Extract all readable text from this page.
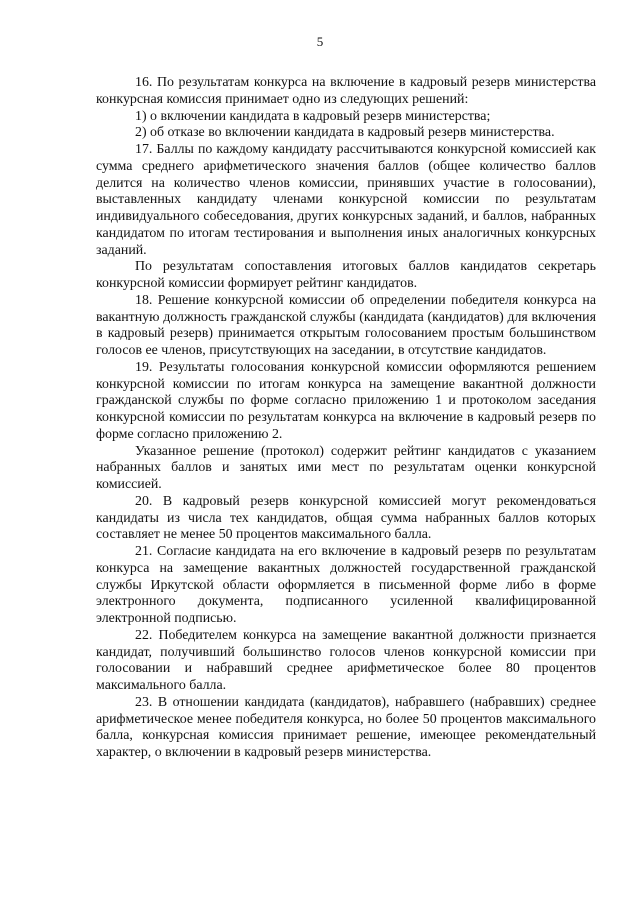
5

16. По результатам конкурса на включение в кадровый резерв министерства конкурсная комиссия принимает одно из следующих решений:

1) о включении кандидата в кадровый резерв министерства;

2) об отказе во включении кандидата в кадровый резерв министерства.

17. Баллы по каждому кандидату рассчитываются конкурсной комиссией как сумма среднего арифметического значения баллов (общее количество баллов делится на количество членов комиссии, принявших участие в голосовании), выставленных кандидату членами конкурсной комиссии по результатам индивидуального собеседования, других конкурсных заданий, и баллов, набранных кандидатом по итогам тестирования и выполнения иных аналогичных конкурсных заданий.

По результатам сопоставления итоговых баллов кандидатов секретарь конкурсной комиссии формирует рейтинг кандидатов.

18. Решение конкурсной комиссии об определении победителя конкурса на вакантную должность гражданской службы (кандидата (кандидатов) для включения в кадровый резерв) принимается открытым голосованием простым большинством голосов ее членов, присутствующих на заседании, в отсутствие кандидатов.

19. Результаты голосования конкурсной комиссии оформляются решением конкурсной комиссии по итогам конкурса на замещение вакантной должности гражданской службы по форме согласно приложению 1 и протоколом заседания конкурсной комиссии по результатам конкурса на включение в кадровый резерв по форме согласно приложению 2.

Указанное решение (протокол) содержит рейтинг кандидатов с указанием набранных баллов и занятых ими мест по результатам оценки конкурсной комиссией.

20. В кадровый резерв конкурсной комиссией могут рекомендоваться кандидаты из числа тех кандидатов, общая сумма набранных баллов которых составляет не менее 50 процентов максимального балла.

21. Согласие кандидата на его включение в кадровый резерв по результатам конкурса на замещение вакантных должностей государственной гражданской службы Иркутской области оформляется в письменной форме либо в форме электронного документа, подписанного усиленной квалифицированной электронной подписью.

22. Победителем конкурса на замещение вакантной должности признается кандидат, получивший большинство голосов членов конкурсной комиссии при голосовании и набравший среднее арифметическое более 80 процентов максимального балла.

23. В отношении кандидата (кандидатов), набравшего (набравших) среднее арифметическое менее победителя конкурса, но более 50 процентов максимального балла, конкурсная комиссия принимает решение, имеющее рекомендательный характер, о включении в кадровый резерв министерства.
